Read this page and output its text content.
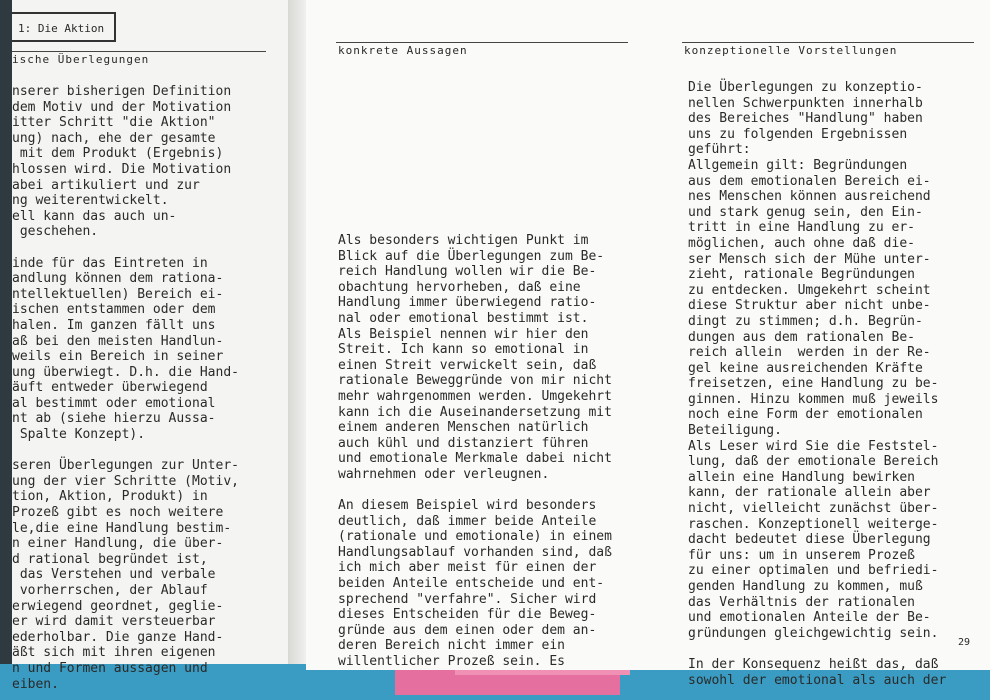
1: Die Aktion
ische Überlegungen
nserer bisherigen Definition
dem Motiv und der Motivation
itter Schritt "die Aktion"
ung) nach, ehe der gesamte
mit dem Produkt (Ergebnis)
hlossen wird. Die Motivation
abei artikuliert und zur
ng weiterentwickelt.
ell kann das auch un-
geschehen.
inde für das Eintreten in
andlung können dem rationa-
ntellektuellen) Bereich ei-
ischen entstammen oder dem
halen. Im ganzen fällt uns
aß bei den meisten Handlun-
weils ein Bereich in seiner
ung überwiegt. D.h. die Hand-
äuft entweder überwiegend
al bestimmt oder emotional
nt ab (siehe hierzu Aussa-
Spalte Konzept).
seren Überlegungen zur Unter-
ung der vier Schritte (Motiv,
tion, Aktion, Produkt) in
Prozeß gibt es noch weitere
le,die eine Handlung bestim-
n einer Handlung, die über-
d rational begründet ist,
das Verstehen und verbale
vorherrschen, der Ablauf
erwiegend geordnet, geglie-
er wird damit versteuerbar
ederholbar. Die ganze Hand-
äßt sich mit ihren eigenen
n und Formen aussagen und
eiben.
konkrete Aussagen
Als besonders wichtigen Punkt im
Blick auf die Überlegungen zum Be-
reich Handlung wollen wir die Be-
obachtung hervorheben, daß eine
Handlung immer überwiegend ratio-
nal oder emotional bestimmt ist.
Als Beispiel nennen wir hier den
Streit. Ich kann so emotional in
einen Streit verwickelt sein, daß
rationale Beweggründe von mir nicht
mehr wahrgenommen werden. Umgekehrt
kann ich die Auseinandersetzung mit
einem anderen Menschen natürlich
auch kühl und distanziert führen
und emotionale Merkmale dabei nicht
wahrnehmen oder verleugnen.
An diesem Beispiel wird besonders
deutlich, daß immer beide Anteile
(rationale und emotionale) in einem
Handlungsablauf vorhanden sind, daß
ich mich aber meist für einen der
beiden Anteile entscheide und ent-
sprechend "verfahre". Sicher wird
dieses Entscheiden für die Beweg-
gründe aus dem einen oder dem an-
deren Bereich nicht immer ein
willentlicher Prozeß sein. Es
konzeptionelle Vorstellungen
Die Überlegungen zu konzeptio-
nellen Schwerpunkten innerhalb
des Bereiches "Handlung" haben
uns zu folgenden Ergebnissen
geführt:
Allgemein gilt: Begründungen
aus dem emotionalen Bereich ei-
nes Menschen können ausreichend
und stark genug sein, den Ein-
tritt in eine Handlung zu er-
möglichen, auch ohne daß die-
ser Mensch sich der Mühe unter-
zieht, rationale Begründungen
zu entdecken. Umgekehrt scheint
diese Struktur aber nicht unbe-
dingt zu stimmen; d.h. Begrün-
dungen aus dem rationalen Be-
reich allein  werden in der Re-
gel keine ausreichenden Kräfte
freisetzen, eine Handlung zu be-
ginnen. Hinzu kommen muß jeweils
noch eine Form der emotionalen
Beteiligung.
Als Leser wird Sie die Feststel-
lung, daß der emotionale Bereich
allein eine Handlung bewirken
kann, der rationale allein aber
nicht, vielleicht zunächst über-
raschen. Konzeptionell weiterge-
dacht bedeutet diese Überlegung
für uns: um in unserem Prozeß
zu einer optimalen und befriedi-
genden Handlung zu kommen, muß
das Verhältnis der rationalen
und emotionalen Anteile der Be-
gründungen gleichgewichtig sein.
In der Konsequenz heißt das, daß
sowohl der emotional als auch der
29
